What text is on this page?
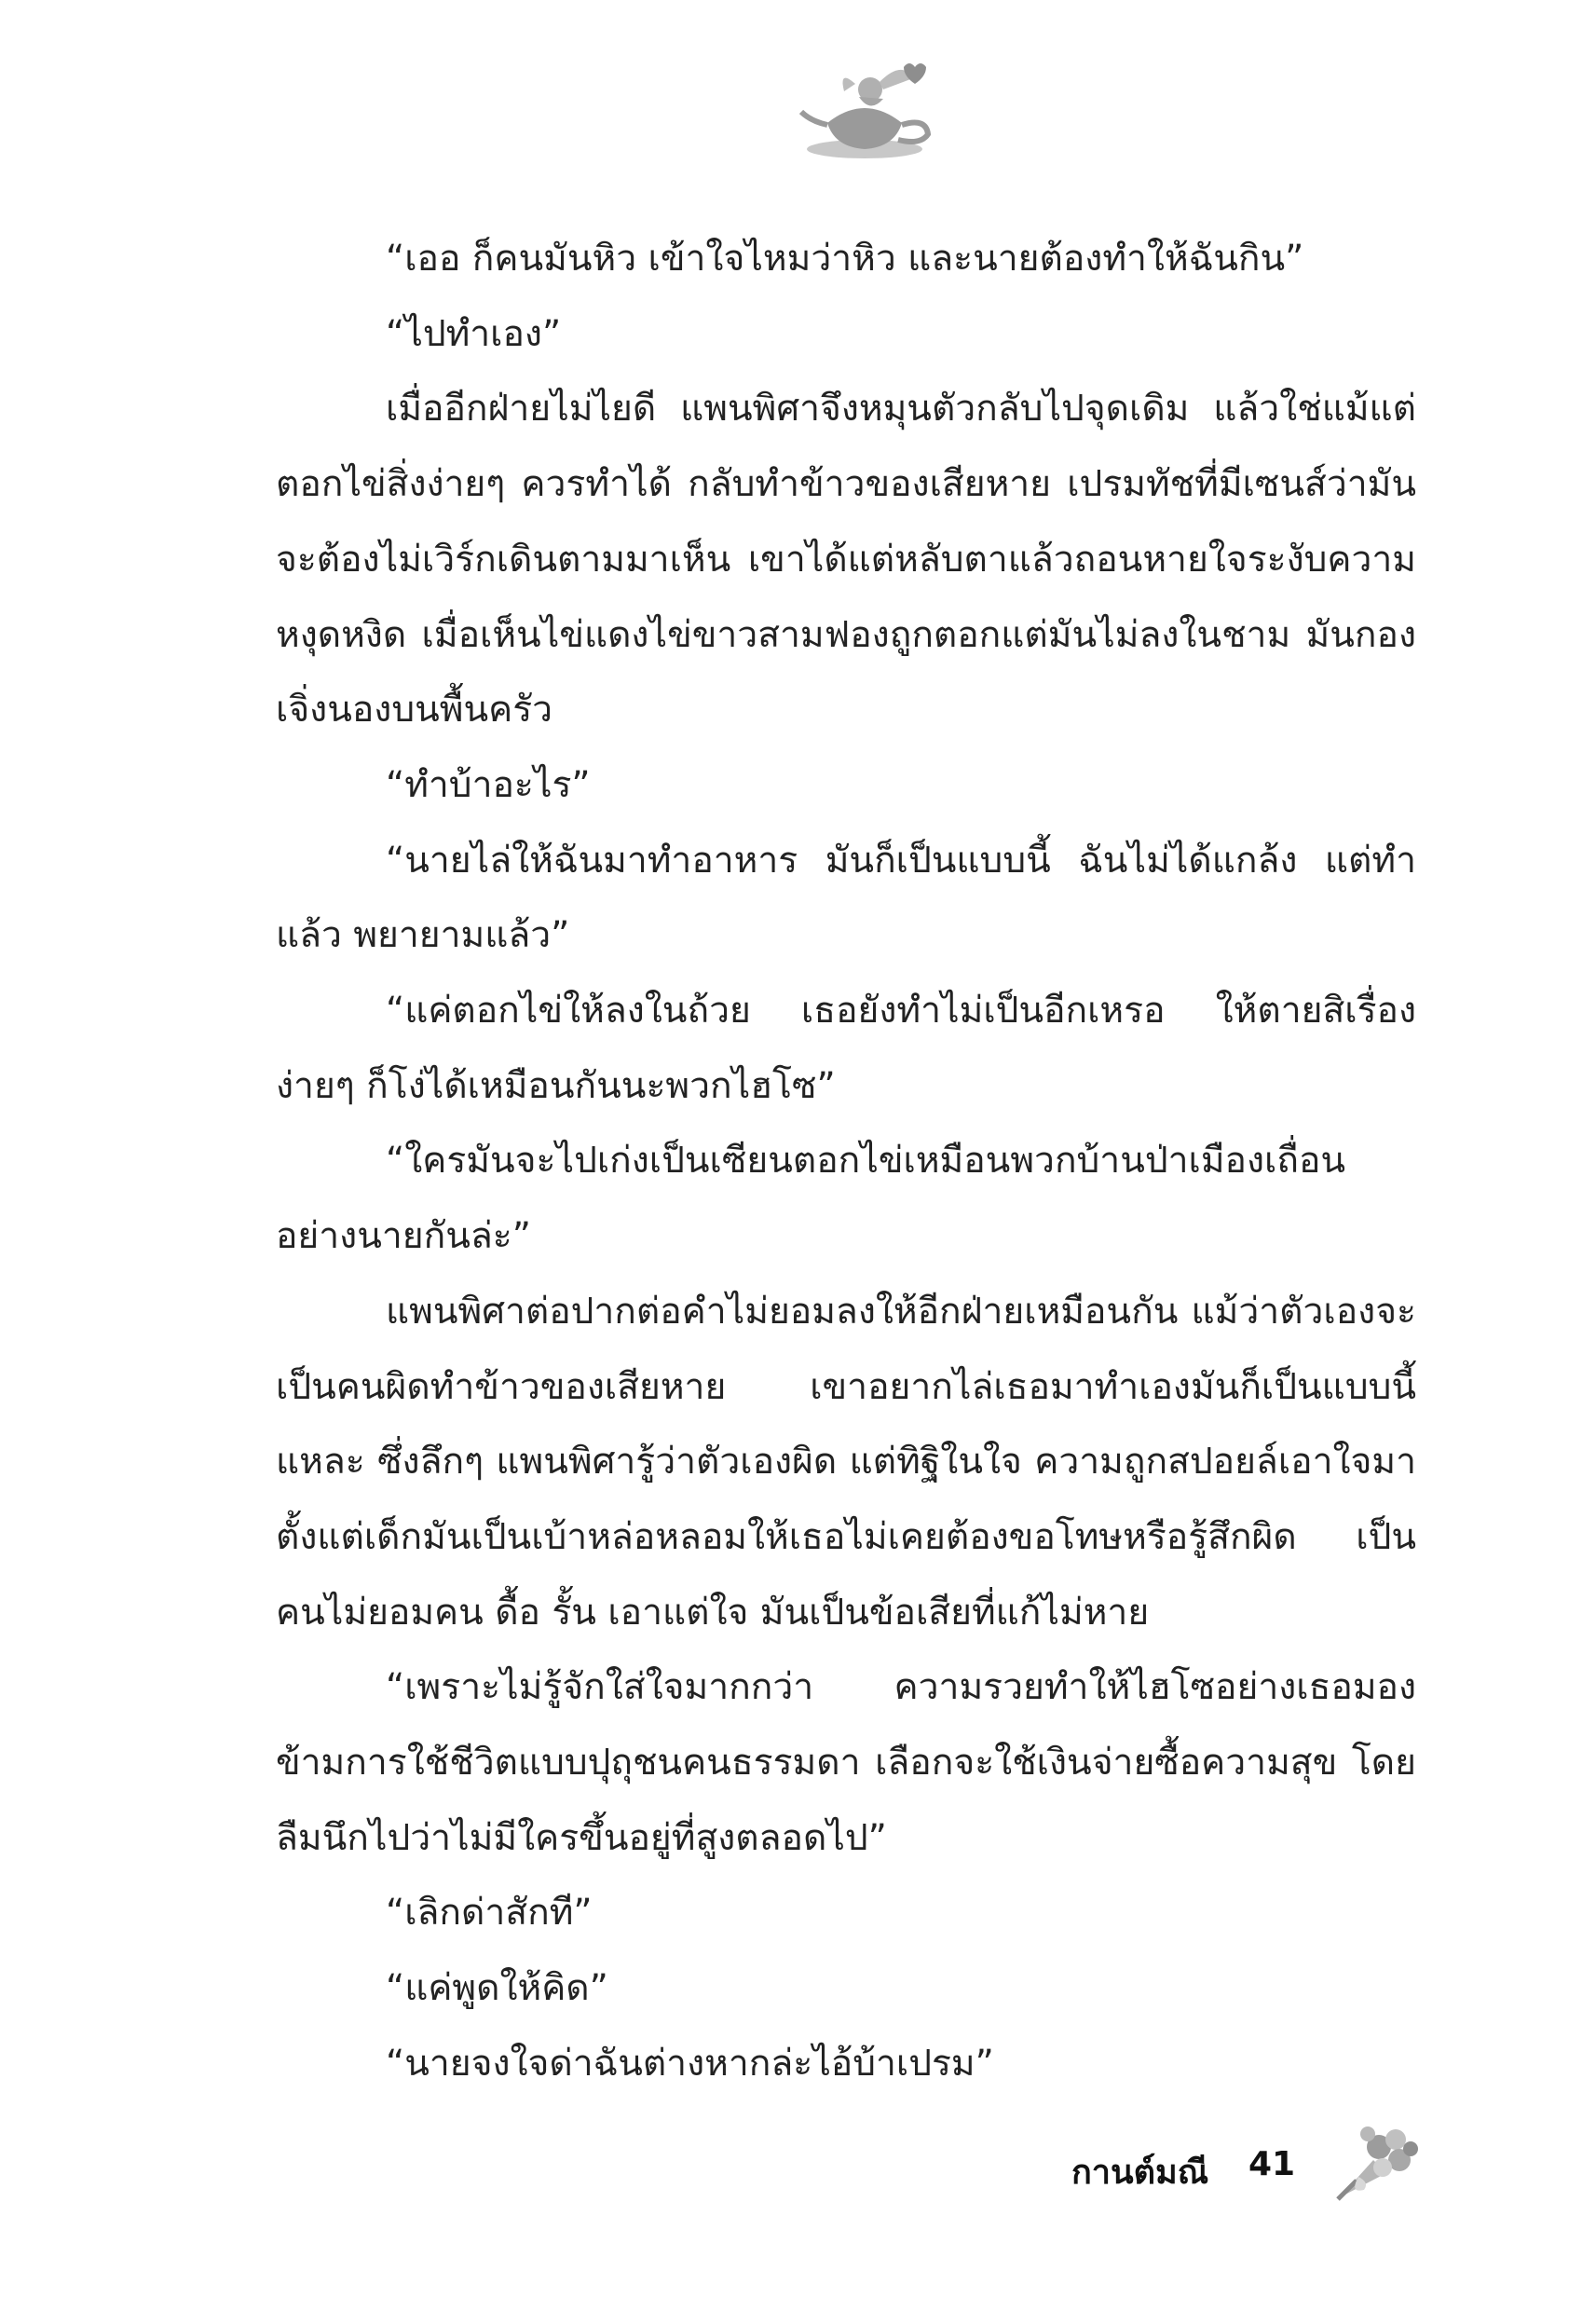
“เออ ก็คนมันหิว เข้าใจไหมว่าหิว และนายต้องทำให้ฉันกิน”

“ไปทำเอง”

เมื่ออีกฝ่ายไม่ไยดี แพนพิศาจึงหมุนตัวกลับไปจุดเดิม แล้วใช่แม้แต่ตอกไข่สิ่งง่ายๆ ควรทำได้ กลับทำข้าวของเสียหาย เปรมทัชที่มีเซนส์ว่ามันจะต้องไม่เวิร์กเดินตามมาเห็น เขาได้แต่หลับตาแล้วถอนหายใจระงับความหงุดหงิด เมื่อเห็นไข่แดงไข่ขาวสามฟองถูกตอกแต่มันไม่ลงในชาม มันกองเจิ่งนองบนพื้นครัว

“ทำบ้าอะไร”

“นายไล่ให้ฉันมาทำอาหาร มันก็เป็นแบบนี้ ฉันไม่ได้แกล้ง แต่ทำแล้ว พยายามแล้ว”

“แค่ตอกไข่ให้ลงในถ้วย เธอยังทำไม่เป็นอีกเหรอ ให้ตายสิเรื่องง่ายๆ ก็โง่ได้เหมือนกันนะพวกไฮโซ”

“ใครมันจะไปเก่งเป็นเซียนตอกไข่เหมือนพวกบ้านป่าเมืองเถื่อนอย่างนายกันล่ะ”

แพนพิศาต่อปากต่อคำไม่ยอมลงให้อีกฝ่ายเหมือนกัน แม้ว่าตัวเองจะเป็นคนผิดทำข้าวของเสียหาย เขาอยากไล่เธอมาทำเองมันก็เป็นแบบนี้แหละ ซึ่งลึกๆ แพนพิศารู้ว่าตัวเองผิด แต่ทิฐิในใจ ความถูกสปอยล์เอาใจมาตั้งแต่เด็กมันเป็นเบ้าหล่อหลอมให้เธอไม่เคยต้องขอโทษหรือรู้สึกผิด เป็นคนไม่ยอมคน ดื้อ รั้น เอาแต่ใจ มันเป็นข้อเสียที่แก้ไม่หาย

“เพราะไม่รู้จักใส่ใจมากกว่า ความรวยทำให้ไฮโซอย่างเธอมองข้ามการใช้ชีวิตแบบปุถุชนคนธรรมดา เลือกจะใช้เงินจ่ายซื้อความสุข โดยลืมนึกไปว่าไม่มีใครขึ้นอยู่ที่สูงตลอดไป”

“เลิกด่าสักที”

“แค่พูดให้คิด”

“นายจงใจด่าฉันต่างหากล่ะไอ้บ้าเปรม”

กานต์มณี 41
